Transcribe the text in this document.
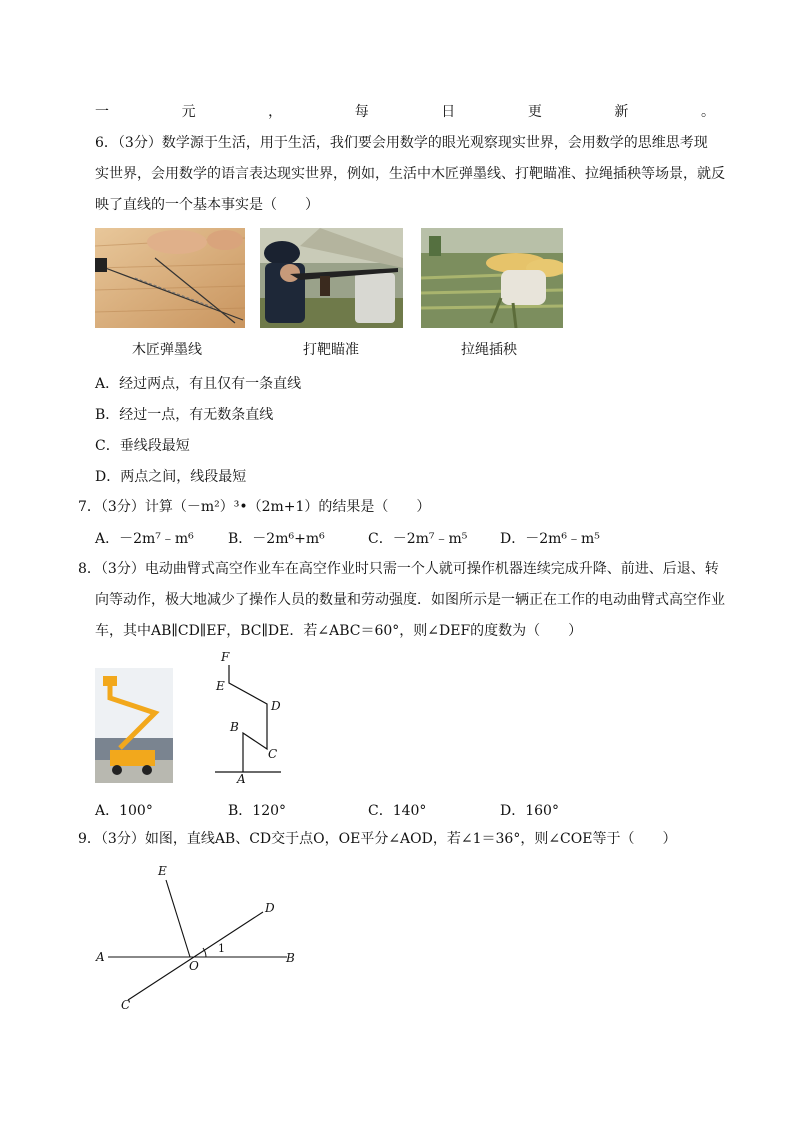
一	元	，	每	日	更	新	。
6．（3分）数学源于生活，用于生活，我们要会用数学的眼光观察现实世界，会用数学的思维思考现
实世界，会用数学的语言表达现实世界，例如，生活中木匠弹墨线、打靶瞄准、拉绳插秧等场景，就反
映了直线的一个基本事实是（　　）
木匠弹墨线	打靶瞄准	拉绳插秧
A．经过两点，有且仅有一条直线
B．经过一点，有无数条直线
C．垂线段最短
D．两点之间，线段最短
7．（3分）计算（－m²）³•（2m+1）的结果是（　　）
A．－2m⁷﹣m⁶ B．－2m⁶+m⁶	C．－2m⁷﹣m⁵ D．－2m⁶﹣m⁵
8．（3分）电动曲臂式高空作业车在高空作业时只需一个人就可操作机器连续完成升降、前进、后退、转
向等动作，极大地减少了操作人员的数量和劳动强度．如图所示是一辆正在工作的电动曲臂式高空作业
车，其中AB∥CD∥EF，BC∥DE．若∠ABC＝60°，则∠DEF的度数为（　　）
F
E
D
B
C
A
A．100°	B．120°	C．140°	D．160°
9．（3分）如图，直线AB、CD交于点O，OE平分∠AOD，若∠1＝36°，则∠COE等于（　　）
E
D
A
O
1
B
C
